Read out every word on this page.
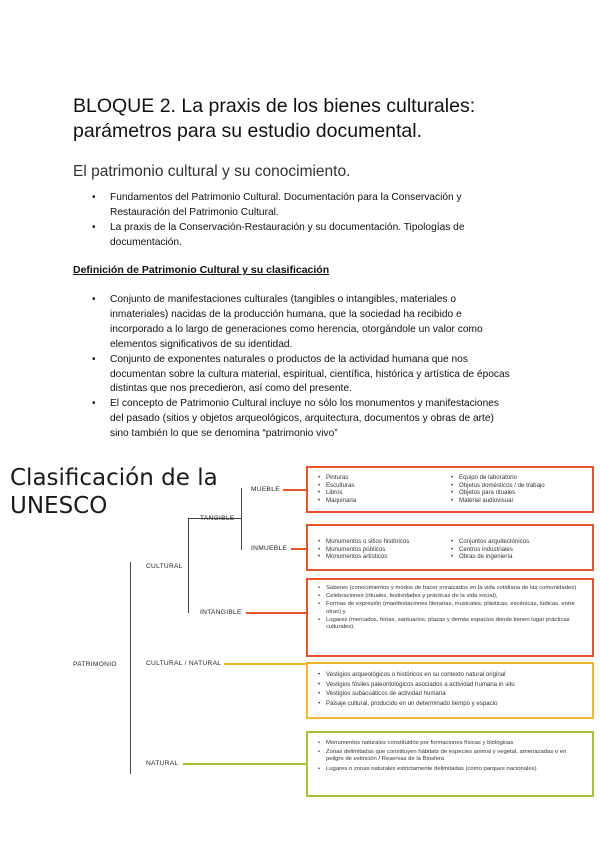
BLOQUE 2. La praxis de los bienes culturales: parámetros para su estudio documental.
El patrimonio cultural y su conocimiento.
• Fundamentos del Patrimonio Cultural. Documentación para la Conservación y Restauración del Patrimonio Cultural.
• La praxis de la Conservación-Restauración y su documentación. Tipologías de documentación.
Definición de Patrimonio Cultural y su clasificación
• Conjunto de manifestaciones culturales (tangibles o intangibles, materiales o inmateriales) nacidas de la producción humana, que la sociedad ha recibido e incorporado a lo largo de generaciones como herencia, otorgándole un valor como elementos significativos de su identidad.
• Conjunto de exponentes naturales o productos de la actividad humana que nos documentan sobre la cultura material, espiritual, científica, histórica y artística de épocas distintas que nos precedieron, así como del presente.
• El concepto de Patrimonio Cultural incluye no sólo los monumentos y manifestaciones del pasado (sitios y objetos arqueológicos, arquitectura, documentos y obras de arte) sino también lo que se denomina “patrimonio vivo”
Clasificación de la UNESCO
PATRIMONIO
CULTURAL
TANGIBLE
MUEBLE
INMUEBLE
INTANGIBLE
CULTURAL / NATURAL
NATURAL
• Pinturas
• Esculturas
• Libros
• Maquinaria
• Equipo de laboratorio
• Objetos domésticos / de trabajo
• Objetos para rituales
• Material audiovisual
• Monumentos o sitios históricos
• Monumentos públicos
• Monumentos artísticos
• Conjuntos arquitectónicos
• Centros industriales
• Obras de ingeniería
• Saberes (conocimientos y modos de hacer enraizados en la vida cotidiana de las comunidades)
• Celebraciones (rituales, festividades y prácticas de la vida social),
• Formas de expresión (manifestaciones literarias, musicales, plásticas, escénicas, lúdicas, entre otras) y
• Lugares (mercados, ferias, santuarios, plazas y demás espacios donde tienen lugar prácticas culturales).
• Vestigios arqueológicos o históricos en su contexto natural original
• Vestigios fósiles paleontológicos asociados a actividad humana in situ
• Vestigios subacuáticos de actividad humana
• Paisaje cultural, producido en un determinado tiempo y espacio
• Monumentos naturales constituidos por formaciones físicas y biológicas
• Zonas delimitadas que constituyen hábitats de especies animal y vegetal, amenazadas o en peligro de extinción / Reservas de la Biosfera
• Lugares o zonas naturales estrictamente delimitadas (como parques nacionales)
